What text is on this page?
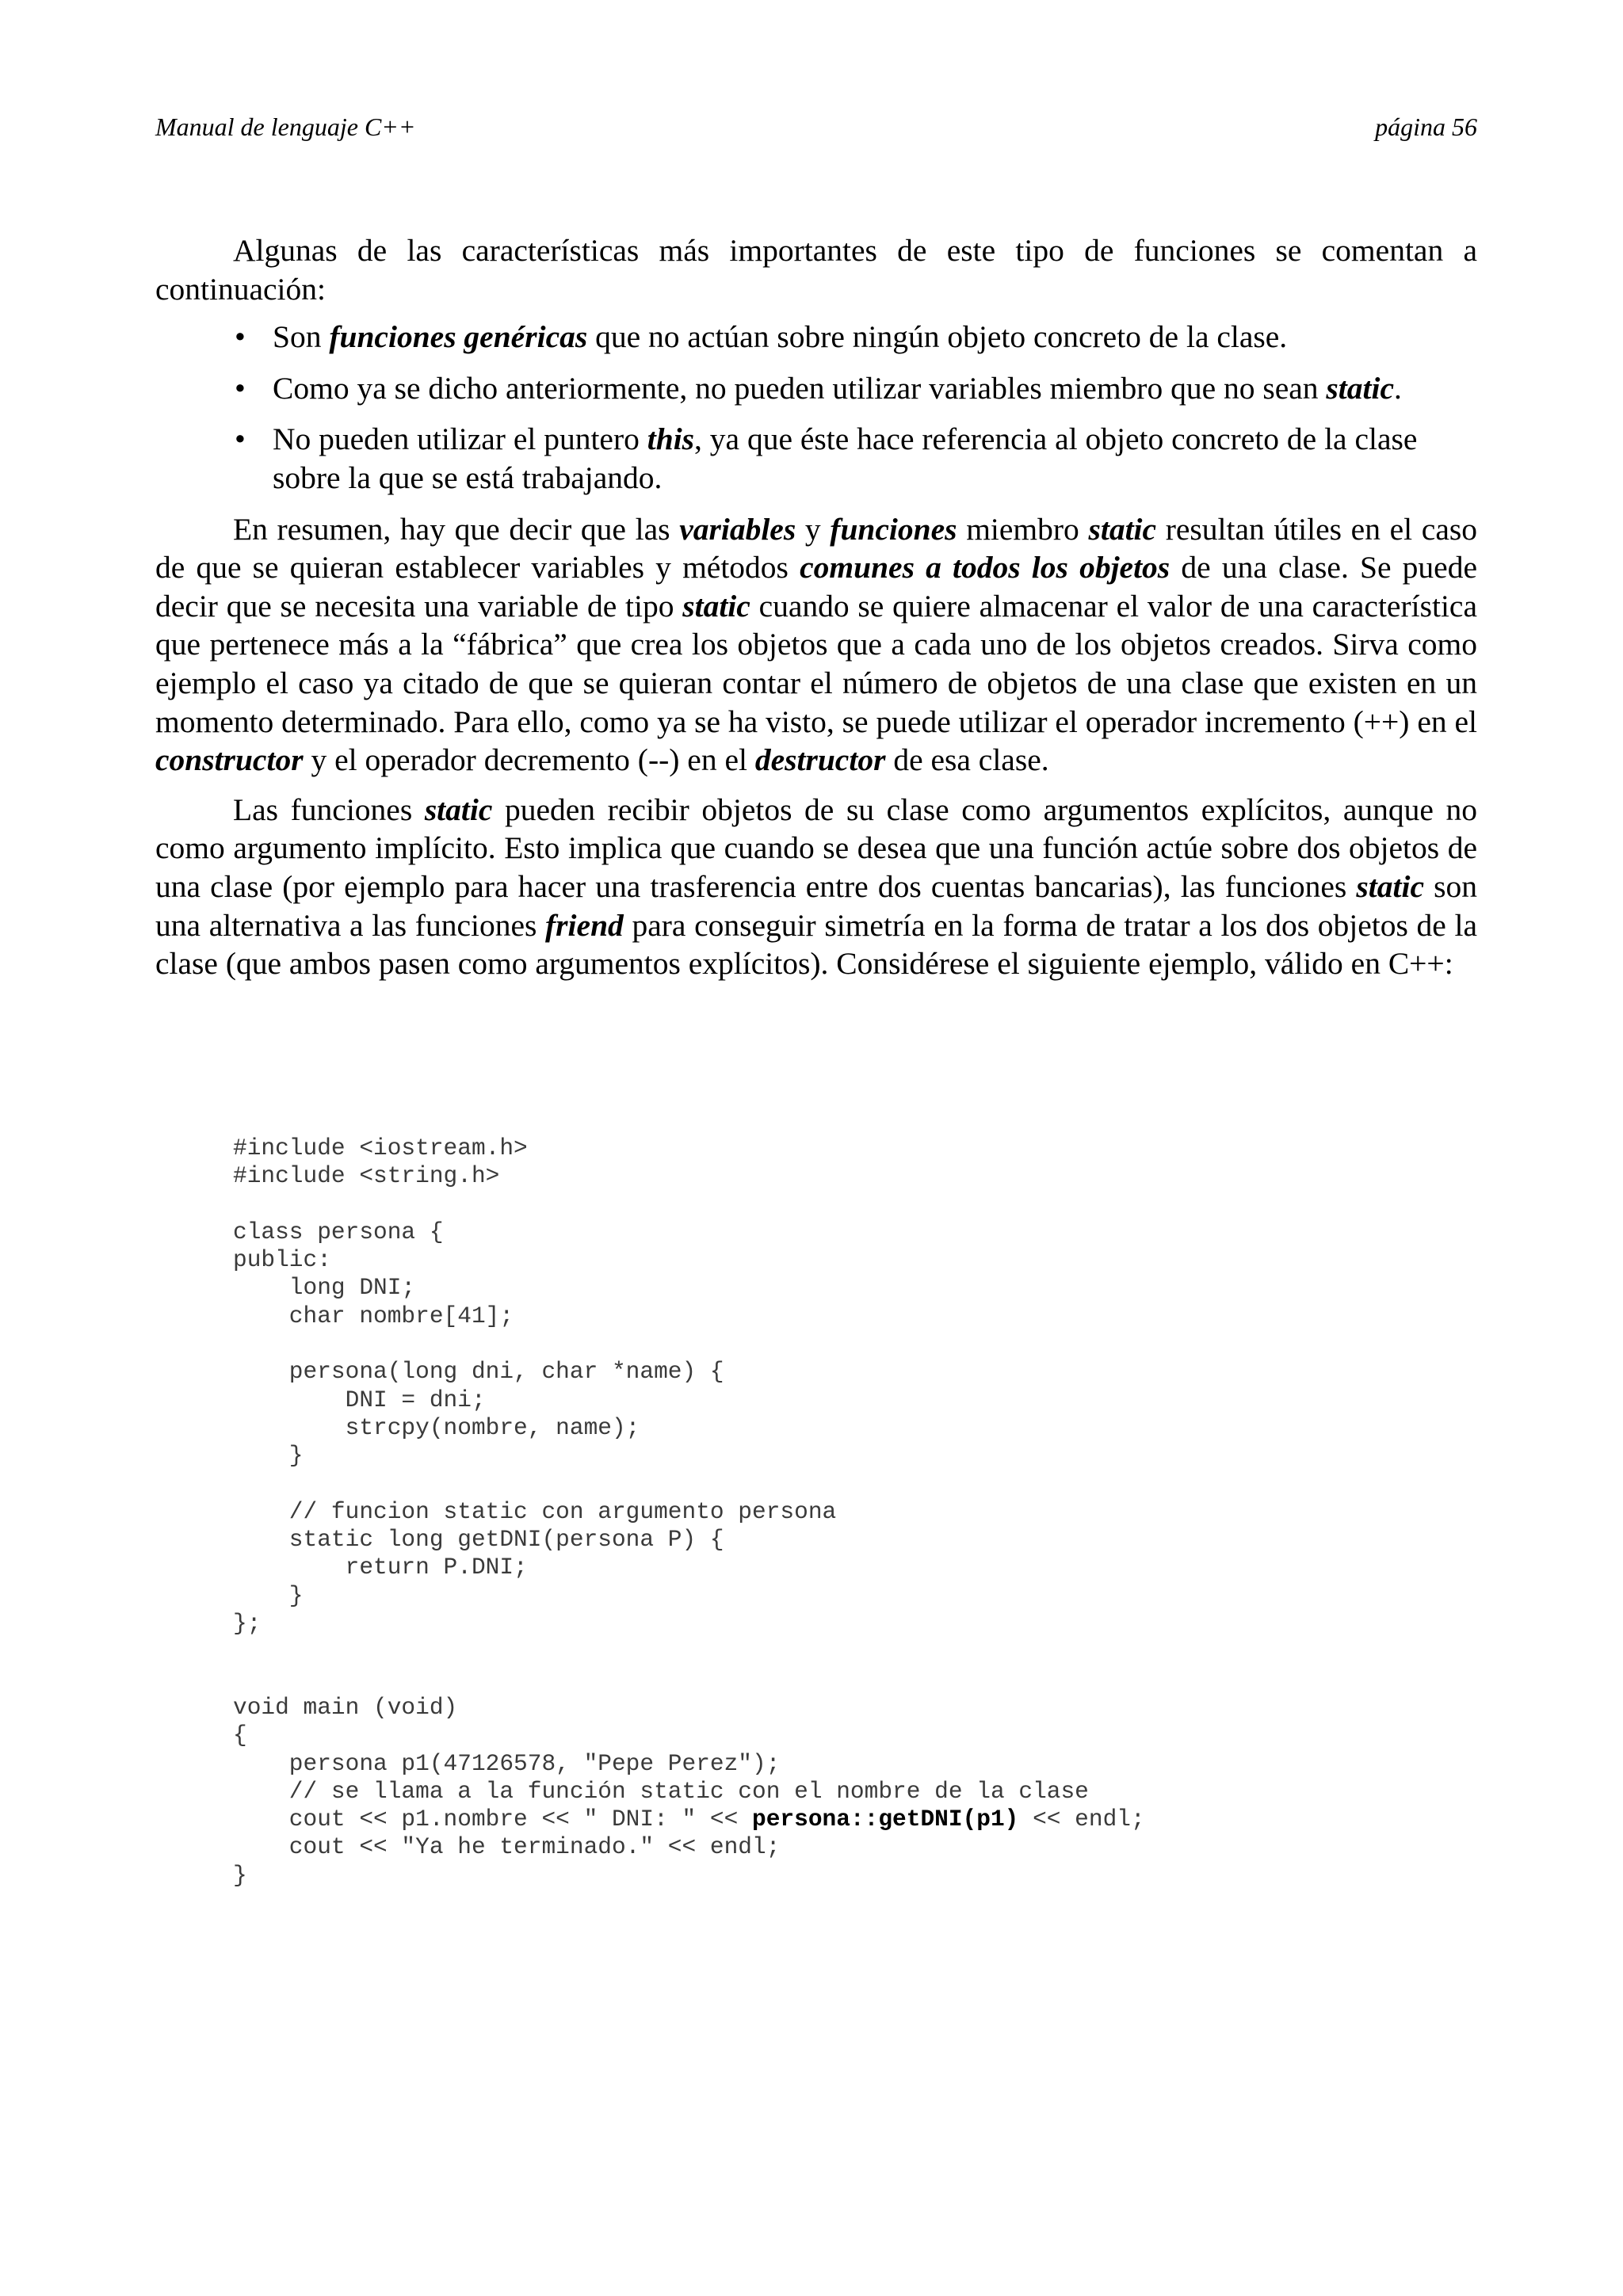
Manual de lenguaje C++	página 56

Algunas de las características más importantes de este tipo de funciones se comentan a continuación:

• Son funciones genéricas que no actúan sobre ningún objeto concreto de la clase.
• Como ya se dicho anteriormente, no pueden utilizar variables miembro que no sean static.
• No pueden utilizar el puntero this, ya que éste hace referencia al objeto concreto de la clase sobre la que se está trabajando.

En resumen, hay que decir que las variables y funciones miembro static resultan útiles en el caso de que se quieran establecer variables y métodos comunes a todos los objetos de una clase. Se puede decir que se necesita una variable de tipo static cuando se quiere almacenar el valor de una característica que pertenece más a la “fábrica” que crea los objetos que a cada uno de los objetos creados. Sirva como ejemplo el caso ya citado de que se quieran contar el número de objetos de una clase que existen en un momento determinado. Para ello, como ya se ha visto, se puede utilizar el operador incremento (++) en el constructor y el operador decremento (--) en el destructor de esa clase.

Las funciones static pueden recibir objetos de su clase como argumentos explícitos, aunque no como argumento implícito. Esto implica que cuando se desea que una función actúe sobre dos objetos de una clase (por ejemplo para hacer una trasferencia entre dos cuentas bancarias), las funciones static son una alternativa a las funciones friend para conseguir simetría en la forma de tratar a los dos objetos de la clase (que ambos pasen como argumentos explícitos). Considérese el siguiente ejemplo, válido en C++:

#include <iostream.h>
#include <string.h>
class persona {
public:
long DNI;
char nombre[41];
persona(long dni, char *name) {
DNI = dni;
strcpy(nombre, name);
}
// funcion static con argumento persona
static long getDNI(persona P) {
return P.DNI;
}
};
void main (void)
{
persona p1(47126578, "Pepe Perez");
// se llama a la función static con el nombre de la clase
cout << p1.nombre << " DNI: " << persona::getDNI(p1) << endl;
cout << "Ya he terminado." << endl;
}
